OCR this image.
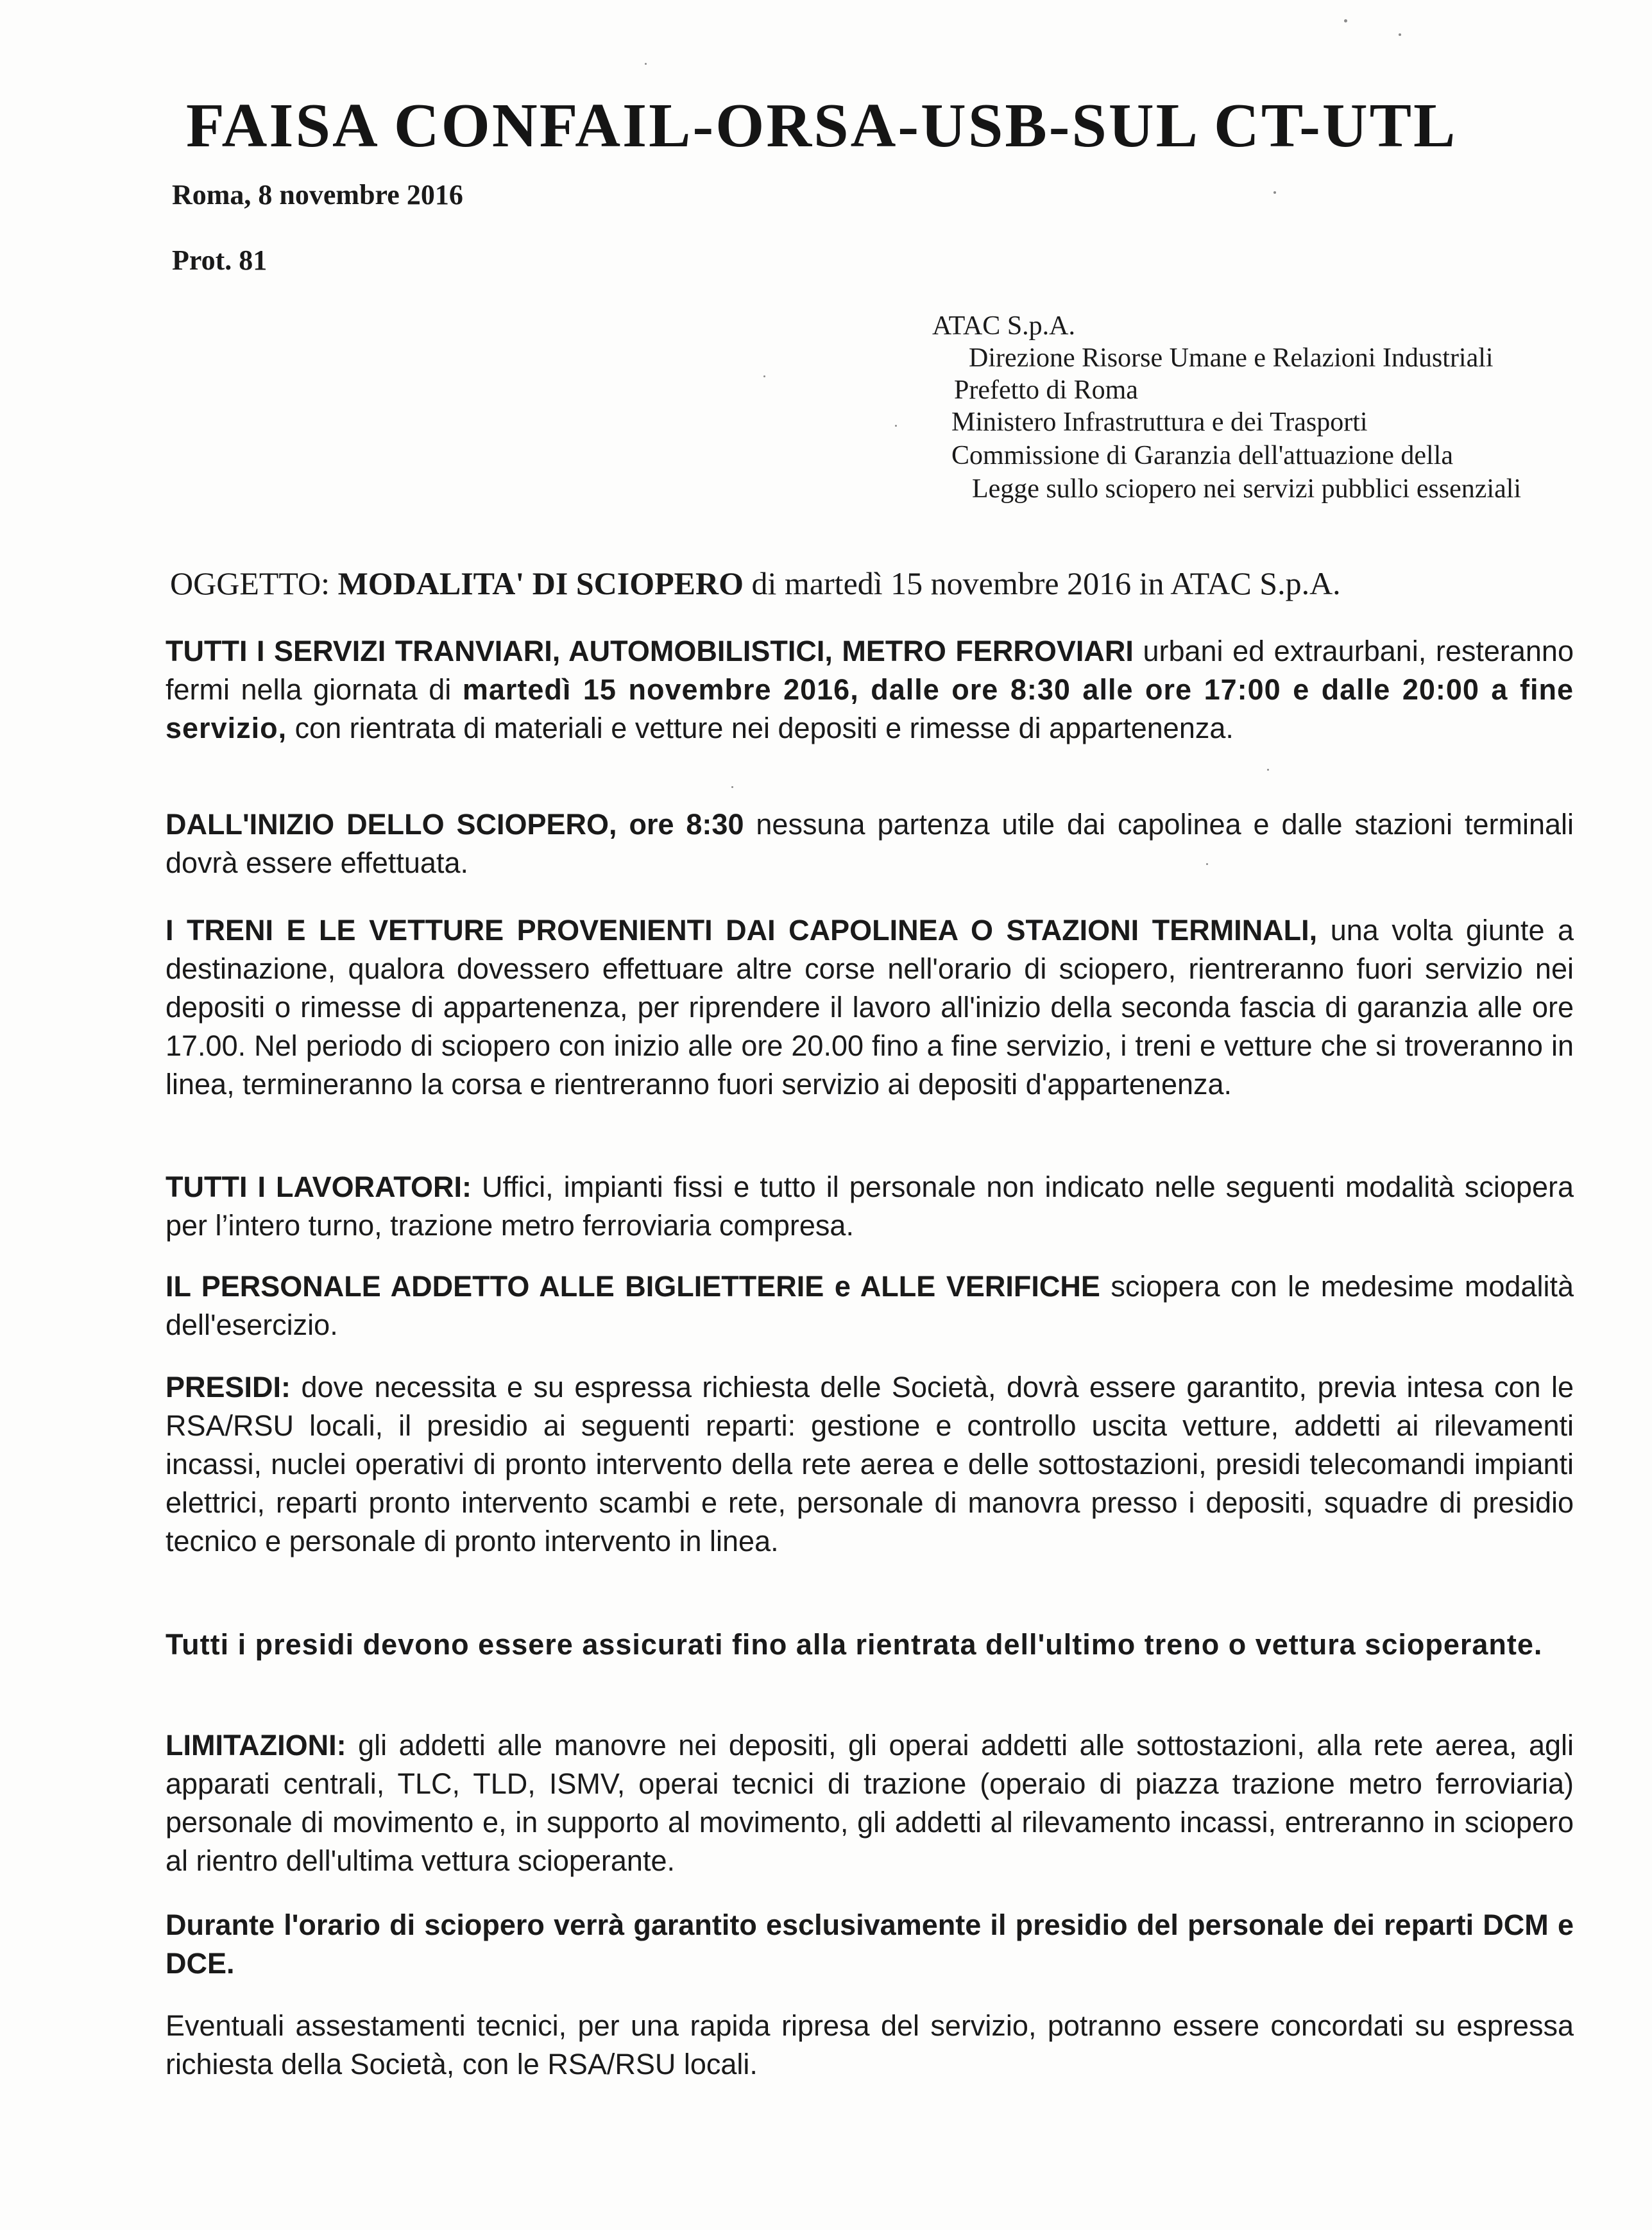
FAISA CONFAIL-ORSA-USB-SUL CT-UTL
Roma, 8 novembre 2016
Prot. 81
ATAC S.p.A.
Direzione Risorse Umane e Relazioni Industriali
Prefetto di Roma
Ministero Infrastruttura e dei Trasporti
Commissione di Garanzia dell'attuazione della
Legge sullo sciopero nei servizi pubblici essenziali
OGGETTO: MODALITA' DI SCIOPERO di martedì 15 novembre 2016 in ATAC S.p.A.
TUTTI I SERVIZI TRANVIARI, AUTOMOBILISTICI, METRO FERROVIARI urbani ed extraurbani, resteranno fermi nella giornata di martedì 15 novembre 2016, dalle ore 8:30 alle ore 17:00 e dalle 20:00 a fine servizio, con rientrata di materiali e vetture nei depositi e rimesse di appartenenza.
DALL'INIZIO DELLO SCIOPERO, ore 8:30 nessuna partenza utile dai capolinea e dalle stazioni terminali dovrà essere effettuata.
I TRENI E LE VETTURE PROVENIENTI DAI CAPOLINEA O STAZIONI TERMINALI, una volta giunte a destinazione, qualora dovessero effettuare altre corse nell'orario di sciopero, rientreranno fuori servizio nei depositi o rimesse di appartenenza, per riprendere il lavoro all'inizio della seconda fascia di garanzia alle ore 17.00. Nel periodo di sciopero con inizio alle ore 20.00 fino a fine servizio, i treni e vetture che si troveranno in linea, termineranno la corsa e rientreranno fuori servizio ai depositi d'appartenenza.
TUTTI I LAVORATORI: Uffici, impianti fissi e tutto il personale non indicato nelle seguenti modalità sciopera per l’intero turno, trazione metro ferroviaria compresa.
IL PERSONALE ADDETTO ALLE BIGLIETTERIE e ALLE VERIFICHE sciopera con le medesime modalità dell'esercizio.
PRESIDI: dove necessita e su espressa richiesta delle Società, dovrà essere garantito, previa intesa con le RSA/RSU locali, il presidio ai seguenti reparti: gestione e controllo uscita vetture, addetti ai rilevamenti incassi, nuclei operativi di pronto intervento della rete aerea e delle sottostazioni, presidi telecomandi impianti elettrici, reparti pronto intervento scambi e rete, personale di manovra presso i depositi, squadre di presidio tecnico e personale di pronto intervento in linea.
Tutti i presidi devono essere assicurati fino alla rientrata dell'ultimo treno o vettura scioperante.
LIMITAZIONI: gli addetti alle manovre nei depositi, gli operai addetti alle sottostazioni, alla rete aerea, agli apparati centrali, TLC, TLD, ISMV, operai tecnici di trazione (operaio di piazza trazione metro ferroviaria) personale di movimento e, in supporto al movimento, gli addetti al rilevamento incassi, entreranno in sciopero al rientro dell'ultima vettura scioperante.
Durante l'orario di sciopero verrà garantito esclusivamente il presidio del personale dei reparti DCM e DCE.
Eventuali assestamenti tecnici, per una rapida ripresa del servizio, potranno essere concordati su espressa richiesta della Società, con le RSA/RSU locali.
